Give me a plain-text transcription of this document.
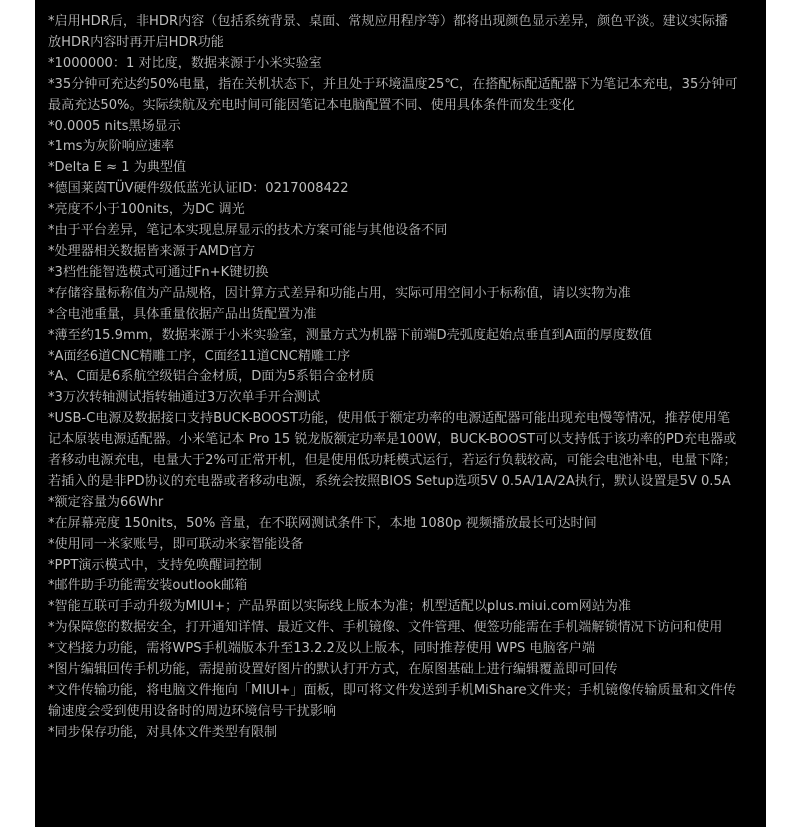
*启用HDR后，非HDR内容（包括系统背景、桌面、常规应用程序等）都将出现颜色显示差异，颜色平淡。建议实际播放HDR内容时再开启HDR功能
*1000000：1 对比度，数据来源于小米实验室
*35分钟可充达约50%电量，指在关机状态下，并且处于环境温度25℃，在搭配标配适配器下为笔记本充电，35分钟可最高充达50%。实际续航及充电时间可能因笔记本电脑配置不同、使用具体条件而发生变化
*0.0005 nits黑场显示
*1ms为灰阶响应速率
*Delta E ≈ 1 为典型值
*德国莱茵TÜV硬件级低蓝光认证ID：0217008422
*亮度不小于100nits，为DC 调光
*由于平台差异，笔记本实现息屏显示的技术方案可能与其他设备不同
*处理器相关数据皆来源于AMD官方
*3档性能智选模式可通过Fn+K键切换
*存储容量标称值为产品规格，因计算方式差异和功能占用，实际可用空间小于标称值，请以实物为准
*含电池重量，具体重量依据产品出货配置为准
*薄至约15.9mm，数据来源于小米实验室，测量方式为机器下前端D壳弧度起始点垂直到A面的厚度数值
*A面经6道CNC精雕工序，C面经11道CNC精雕工序
*A、C面是6系航空级铝合金材质，D面为5系铝合金材质
*3万次转轴测试指转轴通过3万次单手开合测试
*USB-C电源及数据接口支持BUCK-BOOST功能，使用低于额定功率的电源适配器可能出现充电慢等情况，推荐使用笔记本原装电源适配器。小米笔记本 Pro 15 锐龙版额定功率是100W，BUCK-BOOST可以支持低于该功率的PD充电器或者移动电源充电，电量大于2%可正常开机，但是使用低功耗模式运行，若运行负载较高，可能会电池补电，电量下降；若插入的是非PD协议的充电器或者移动电源，系统会按照BIOS Setup选项5V 0.5A/1A/2A执行，默认设置是5V 0.5A
*额定容量为66Whr
*在屏幕亮度 150nits，50% 音量，在不联网测试条件下，本地 1080p 视频播放最长可达时间
*使用同一米家账号，即可联动米家智能设备
*PPT演示模式中，支持免唤醒词控制
*邮件助手功能需安装outlook邮箱
*智能互联可手动升级为MIUI+；产品界面以实际线上版本为准；机型适配以plus.miui.com网站为准
*为保障您的数据安全，打开通知详情、最近文件、手机镜像、文件管理、便签功能需在手机端解锁情况下访问和使用
*文档接力功能，需将WPS手机端版本升至13.2.2及以上版本，同时推荐使用 WPS 电脑客户端
*图片编辑回传手机功能，需提前设置好图片的默认打开方式，在原图基础上进行编辑覆盖即可回传
*文件传输功能，将电脑文件拖向「MIUI+」面板，即可将文件发送到手机MiShare文件夹；手机镜像传输质量和文件传输速度会受到使用设备时的周边环境信号干扰影响
*同步保存功能，对具体文件类型有限制
